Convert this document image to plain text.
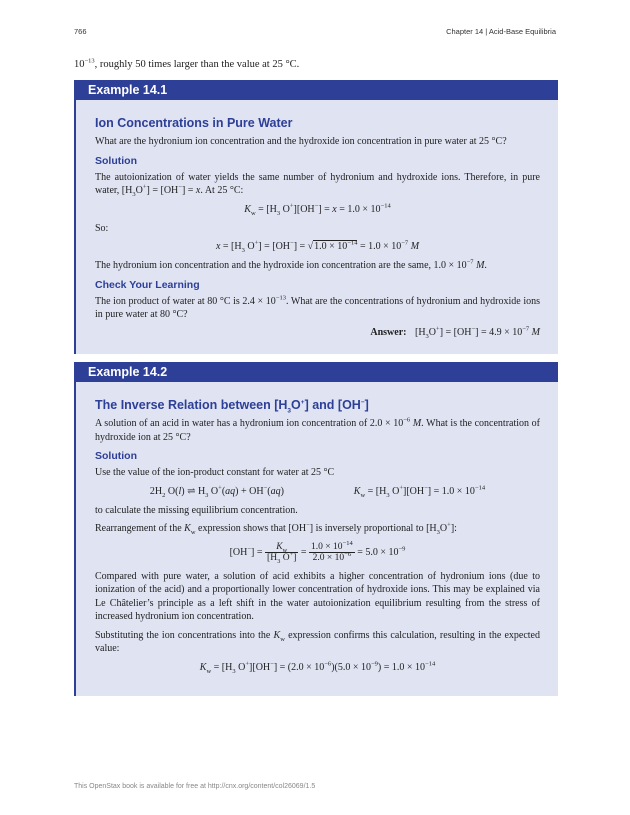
766	Chapter 14 | Acid-Base Equilibria
$10^{-13}$, roughly 50 times larger than the value at 25 °C.
Example 14.1
Ion Concentrations in Pure Water

What are the hydronium ion concentration and the hydroxide ion concentration in pure water at 25 °C?

Solution

The autoionization of water yields the same number of hydronium and hydroxide ions. Therefore, in pure water, $[H_3O^+] = [OH^-] = x$. At 25 °C:

$K_w = [H_3$ $O^+][OH^-] = x = 1.0 \times 10^{-14}$

So:

$x = [H_3$ $O^+] = [OH^-] = √1.0 \times 10^{-14} = 1.0 \times 10^{-7}$ M

The hydronium ion concentration and the hydroxide ion concentration are the same, $1.0 \times 10^{-7}$ M.

Check Your Learning

The ion product of water at 80 °C is $2.4 \times 10^{-13}$. What are the concentrations of hydronium and hydroxide ions in pure water at 80 °C?

Answer: $[H_3O^+] = [OH^-] = 4.9 \times 10^{-7}$ M
Example 14.2
The Inverse Relation between $[H_3O^+]$ and [OH−]

A solution of an acid in water has a hydronium ion concentration of $2.0 \times 10^{-6}$ M. What is the concentration of hydroxide ion at 25 °C?

Solution

Use the value of the ion-product constant for water at 25 °C

$2H_2$ O(l) ⇌ $H_3$ O+(aq) + OH−(aq)	$K_w = [H_3$ $O^+][OH^-] = 1.0 \times 10^{-14}$

to calculate the missing equilibrium concentration.

Rearrangement of the $K_w$ expression shows that [OH−] is inversely proportional to $[H_3O^+]$:

$[OH^-] = \frac{K_w}{[H_3 O^+]} = \frac{1.0 \times 10^{-14}}{2.0 \times 10^{-6}} = 5.0 \times 10^{-9}$

Compared with pure water, a solution of acid exhibits a higher concentration of hydronium ions (due to ionization of the acid) and a proportionally lower concentration of hydroxide ions. This may be explained via Le Châtelier’s principle as a left shift in the water autoionization equilibrium resulting from the stress of increased hydronium ion concentration.

Substituting the ion concentrations into the $K_w$ expression confirms this calculation, resulting in the expected value:

$K_w = [H_3$ $O^+][OH^-] = (2.0 \times 10^{-6})(5.0 \times 10^{-9}) = 1.0 \times 10^{-14}$
This OpenStax book is available for free at http://cnx.org/content/col26069/1.5
